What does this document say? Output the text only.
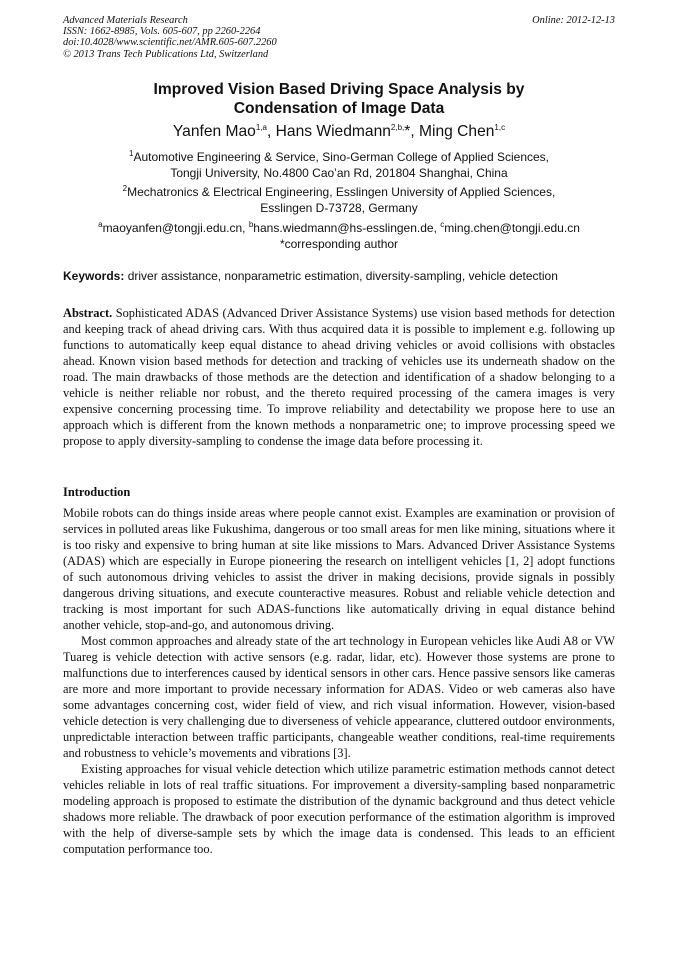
Advanced Materials Research
ISSN: 1662-8985, Vols. 605-607, pp 2260-2264
doi:10.4028/www.scientific.net/AMR.605-607.2260
© 2013 Trans Tech Publications Ltd, Switzerland
Online: 2012-12-13
Improved Vision Based Driving Space Analysis by
Condensation of Image Data
Yanfen Mao$^{1,a}$, Hans Wiedmann$^{2,b,}$*, Ming Chen$^{1,c}$
$^1$Automotive Engineering & Service, Sino-German College of Applied Sciences,
Tongji University, No.4800 Cao’an Rd, 201804 Shanghai, China
$^2$Mechatronics & Electrical Engineering, Esslingen University of Applied Sciences,
Esslingen D-73728, Germany
$^a$maoyanfen@tongji.edu.cn, $^b$hans.wiedmann@hs-esslingen.de, $^c$ming.chen@tongji.edu.cn
*corresponding author
Keywords: driver assistance, nonparametric estimation, diversity-sampling, vehicle detection
Abstract. Sophisticated ADAS (Advanced Driver Assistance Systems) use vision based methods for detection and keeping track of ahead driving cars. With thus acquired data it is possible to implement e.g. following up functions to automatically keep equal distance to ahead driving vehicles or avoid collisions with obstacles ahead. Known vision based methods for detection and tracking of vehicles use its underneath shadow on the road. The main drawbacks of those methods are the detection and identification of a shadow belonging to a vehicle is neither reliable nor robust, and the thereto required processing of the camera images is very expensive concerning processing time. To improve reliability and detectability we propose here to use an approach which is different from the known methods a nonparametric one; to improve processing speed we propose to apply diversity-sampling to condense the image data before processing it.
Introduction

Mobile robots can do things inside areas where people cannot exist. Examples are examination or provision of services in polluted areas like Fukushima, dangerous or too small areas for men like mining, situations where it is too risky and expensive to bring human at site like missions to Mars. Advanced Driver Assistance Systems (ADAS) which are especially in Europe pioneering the research on intelligent vehicles [1, 2] adopt functions of such autonomous driving vehicles to assist the driver in making decisions, provide signals in possibly dangerous driving situations, and execute counteractive measures. Robust and reliable vehicle detection and tracking is most important for such ADAS-functions like automatically driving in equal distance behind another vehicle, stop-and-go, and autonomous driving.

Most common approaches and already state of the art technology in European vehicles like Audi A8 or VW Tuareg is vehicle detection with active sensors (e.g. radar, lidar, etc). However those systems are prone to malfunctions due to interferences caused by identical sensors in other cars. Hence passive sensors like cameras are more and more important to provide necessary information for ADAS. Video or web cameras also have some advantages concerning cost, wider field of view, and rich visual information. However, vision-based vehicle detection is very challenging due to diverseness of vehicle appearance, cluttered outdoor environments, unpredictable interaction between traffic participants, changeable weather conditions, real-time requirements and robustness to vehicle’s movements and vibrations [3].

Existing approaches for visual vehicle detection which utilize parametric estimation methods cannot detect vehicles reliable in lots of real traffic situations. For improvement a diversity-sampling based nonparametric modeling approach is proposed to estimate the distribution of the dynamic background and thus detect vehicle shadows more reliable. The drawback of poor execution performance of the estimation algorithm is improved with the help of diverse-sample sets by which the image data is condensed. This leads to an efficient computation performance too.
